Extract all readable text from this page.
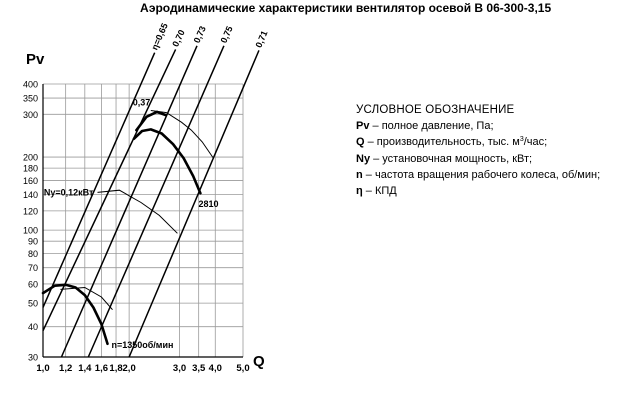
Аэродинамические характеристики вентилятор осевой В 06-300-3,15
1,0 1,2 1,4 1,6 1,8 2,0	3,0 3,5 4,0 5,0
30
40
50
60
70
80
90
100
120
140
160
180
200
300
350
400
Pv
Q
η=0,65 0,70 0,73 0,75 0,71
n=1350об/мин
2810
Ny=0,12кВт
0,37
УСЛОВНОЕ ОБОЗНАЧЕНИЕ
Pv – полное давление, Па;
Q – производительность, тыс. $м^3$/час;
Ny – установочная мощность, кВт;
n – частота вращения рабочего колеса, об/мин;
η – КПД
